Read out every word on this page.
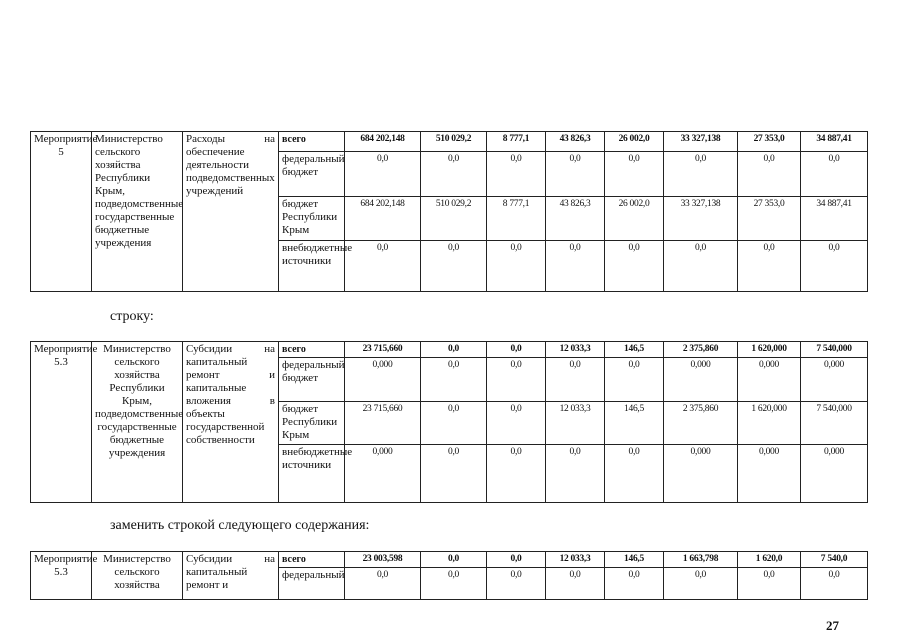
Мероприятие 5	Министерство сельского хозяйства Республики Крым, подведомственные государственные бюджетные учреждения	Расходы на обеспечение деятельности подведомственных учреждений	всего	684 202,148	510 029,2	8 777,1	43 826,3	26 002,0	33 327,138	27 353,0	34 887,41
			федеральный бюджет	0,0	0,0	0,0	0,0	0,0	0,0	0,0	0,0
			бюджет Республики Крым	684 202,148	510 029,2	8 777,1	43 826,3	26 002,0	33 327,138	27 353,0	34 887,41
			внебюджетные источники	0,0	0,0	0,0	0,0	0,0	0,0	0,0	0,0
строку:
Мероприятие 5.3	Министерство сельского хозяйства Республики Крым, подведомственные государственные бюджетные учреждения	Субсидии на капитальный ремонт и капитальные вложения в объекты государственной собственности	всего	23 715,660	0,0	0,0	12 033,3	146,5	2 375,860	1 620,000	7 540,000
			федеральный бюджет	0,000	0,0	0,0	0,0	0,0	0,000	0,000	0,000
			бюджет Республики Крым	23 715,660	0,0	0,0	12 033,3	146,5	2 375,860	1 620,000	7 540,000
			внебюджетные источники	0,000	0,0	0,0	0,0	0,0	0,000	0,000	0,000
заменить строкой следующего содержания:
Мероприятие 5.3	Министерство сельского хозяйства	Субсидии на капитальный ремонт и	всего	23 003,598	0,0	0,0	12 033,3	146,5	1 663,798	1 620,0	7 540,0
			федеральный	0,0	0,0	0,0	0,0	0,0	0,0	0,0	0,0
27
